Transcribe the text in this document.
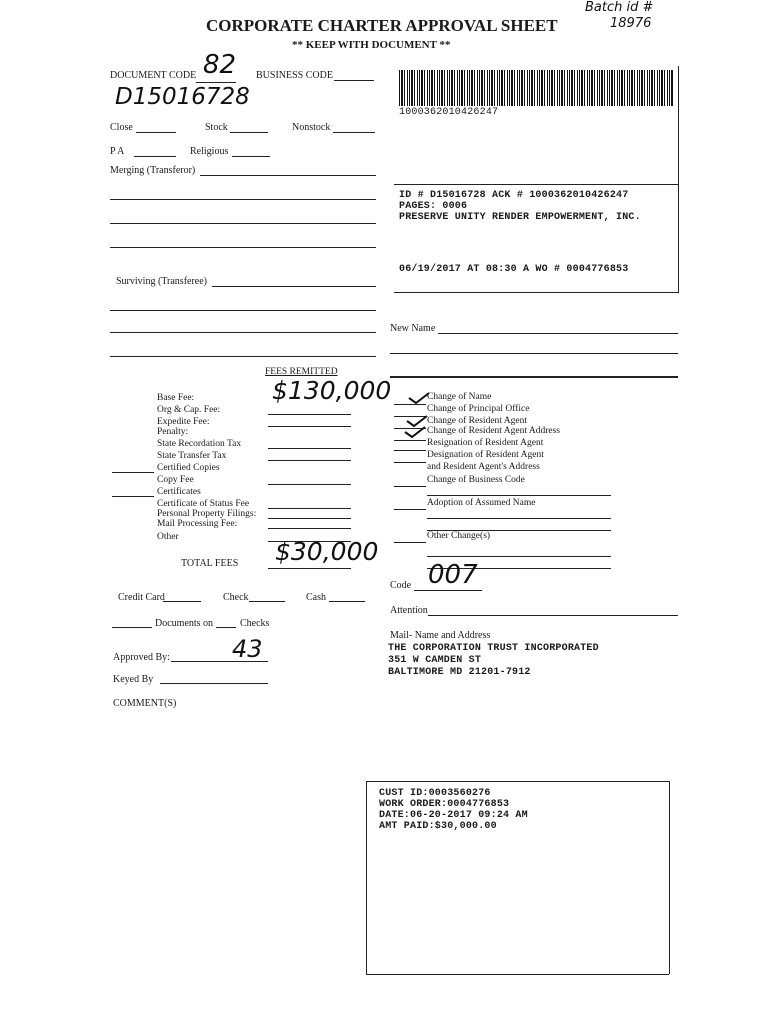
CORPORATE CHARTER APPROVAL SHEET
** KEEP WITH DOCUMENT **
Batch id #
18976
DOCUMENT CODE 82 BUSINESS CODE
D15016728
Close	Stock	Nonstock
P A	Religious
Merging (Transferor)
Surviving (Transferee)
1000362010426247
ID # D15016728 ACK # 1000362010426247
PAGES: 0006
PRESERVE UNITY RENDER EMPOWERMENT, INC.
06/19/2017 AT 08:30 A WO # 0004776853
New Name
FEES REMITTED
$130,000
Base Fee:
Org & Cap. Fee:
Expedite Fee:
Penalty:
State Recordation Tax
State Transfer Tax
Certified Copies
Copy Fee
Certificates
Certificate of Status Fee
Personal Property Filings:
Mail Processing Fee:
Other
TOTAL FEES $30,000
Change of Name
Change of Principal Office
Change of Resident Agent
Change of Resident Agent Address
Resignation of Resident Agent
Designation of Resident Agent
and Resident Agent's Address
Change of Business Code
Adoption of Assumed Name
Other Change(s)
Code 007
Attention
Mail- Name and Address
THE CORPORATION TRUST INCORPORATED
351 W CAMDEN ST
BALTIMORE MD 21201-7912
Credit Card	Check	Cash
Documents on	Checks
Approved By:	43
Keyed By
COMMENT(S)
CUST ID:0003560276
WORK ORDER:0004776853
DATE:06-20-2017 09:24 AM
AMT PAID:$30,000.00
